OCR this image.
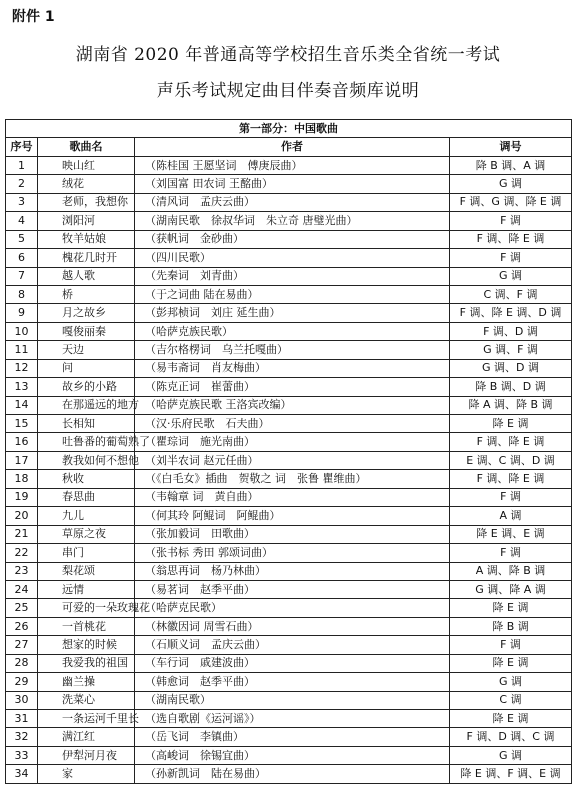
附件 1
湖南省 2020 年普通高等学校招生音乐类全省统一考试
声乐考试规定曲目伴奏音频库说明
第一部分：中国歌曲			
序号	歌曲名	作者	调号
1	映山红	（陈桂国 王愿坚词　傅庚辰曲）	降 B 调、A 调
2	绒花	（刘国富 田农词 王酩曲）	G 调
3	老师，我想你	（清风词　孟庆云曲）	F 调、G 调、降 E 调
4	浏阳河	（湖南民歌　徐叔华词　朱立奇 唐璧光曲）	F 调
5	牧羊姑娘	（获帆词　金砂曲）	F 调、降 E 调
6	槐花几时开	（四川民歌）	F 调
7	越人歌	（先秦词　刘青曲）	G 调
8	桥	（于之词曲 陆在易曲）	C 调、F 调
9	月之故乡	（彭邦桢词　刘庄 延生曲）	F 调、降 E 调、D 调
10	嘎俊丽秦	（哈萨克族民歌）	F 调、D 调
11	天边	（吉尔格楞词　乌兰托嘎曲）	G 调、F 调
12	问	（易韦斋词　肖友梅曲）	G 调、D 调
13	故乡的小路	（陈克正词　崔蕾曲）	降 B 调、D 调
14	在那遥远的地方	（哈萨克族民歌 王洛宾改编）	降 A 调、降 B 调
15	长相知	（汉·乐府民歌　石夫曲）	降 E 调
16	吐鲁番的葡萄熟了	（瞿琮词　施光南曲）	F 调、降 E 调
17	教我如何不想他	（刘半农词 赵元任曲）	E 调、C 调、D 调
18	秋收	（《白毛女》插曲　贺敬之 词　张鲁 瞿维曲）	F 调、降 E 调
19	春思曲	（韦翰章 词　黄自曲）	F 调
20	九儿	（何其玲 阿鲲词　阿鲲曲）	A 调
21	草原之夜	（张加毅词　田歌曲）	降 E 调、E 调
22	串门	（张书标 秀田 郭颂词曲）	F 调
23	梨花颂	（翁思再词　杨乃林曲）	A 调、降 B 调
24	远情	（易茗词　赵季平曲）	G 调、降 A 调
25	可爱的一朵玫瑰花	（哈萨克民歌）	降 E 调
26	一首桃花	（林徽因词 周雪石曲）	降 B 调
27	想家的时候	（石顺义词　孟庆云曲）	F 调
28	我爱我的祖国	（车行词　戚建波曲）	降 E 调
29	幽兰操	（韩愈词　赵季平曲）	G 调
30	洗菜心	（湖南民歌）	C 调
31	一条运河千里长	（选自歌剧《运河谣》）	降 E 调
32	满江红	（岳飞词　李镇曲）	F 调、D 调、C 调
33	伊犁河月夜	（高峻词　徐锡宜曲）	G 调
34	家	（孙新凯词　陆在易曲）	降 E 调、F 调、E 调
